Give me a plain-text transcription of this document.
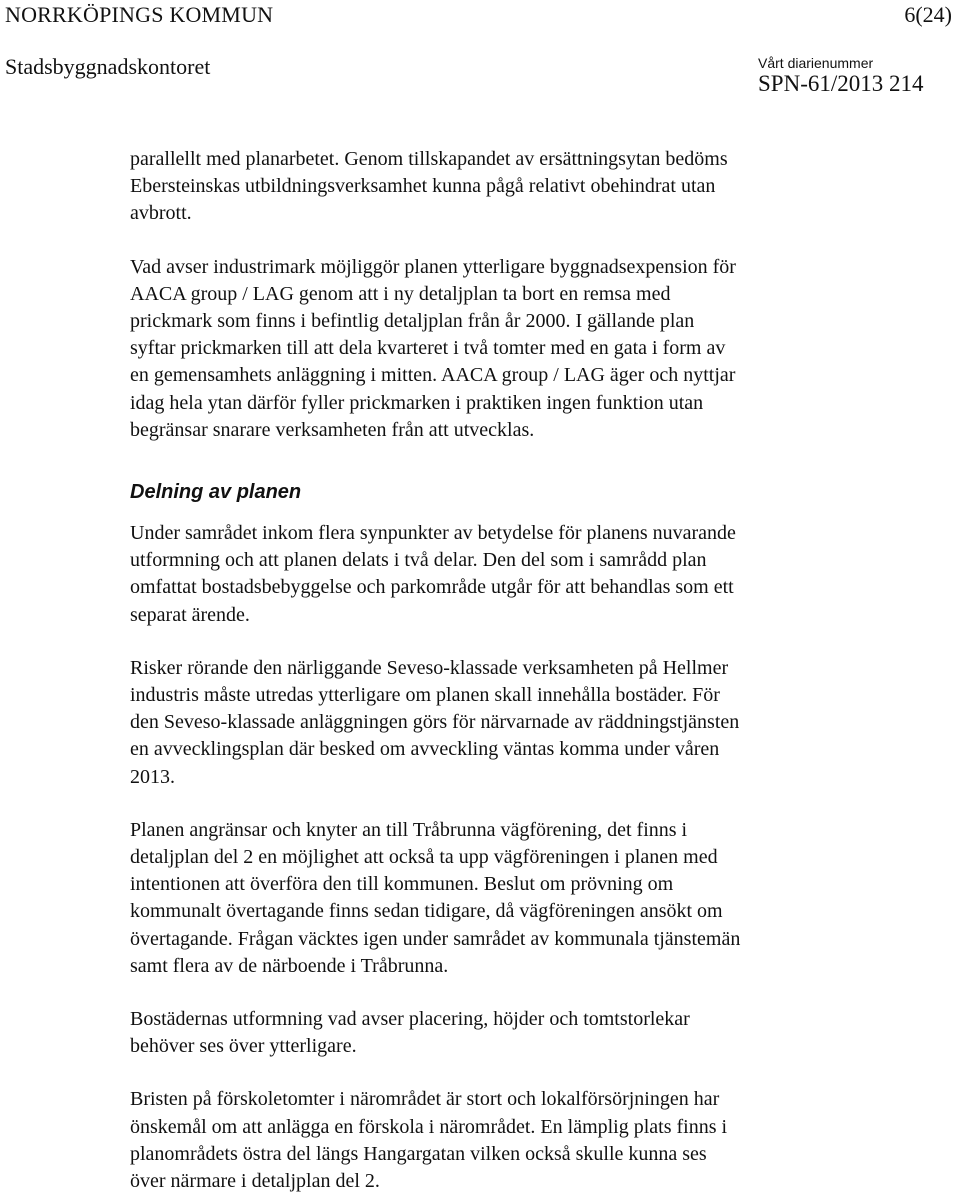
NORRKÖPINGS KOMMUN	6(24)
Stadsbyggnadskontoret	Vårt diarienummer
SPN-61/2013 214

parallellt med planarbetet. Genom tillskapandet av ersättningsytan bedöms
Ebersteinskas utbildningsverksamhet kunna pågå relativt obehindrat utan
avbrott.

Vad avser industrimark möjliggör planen ytterligare byggnadsexpension för
AACA group / LAG genom att i ny detaljplan ta bort en remsa med
prickmark som finns i befintlig detaljplan från år 2000. I gällande plan
syftar prickmarken till att dela kvarteret i två tomter med en gata i form av
en gemensamhets anläggning i mitten. AACA group / LAG äger och nyttjar
idag hela ytan därför fyller prickmarken i praktiken ingen funktion utan
begränsar snarare verksamheten från att utvecklas.

Delning av planen

Under samrådet inkom flera synpunkter av betydelse för planens nuvarande
utformning och att planen delats i två delar. Den del som i samrådd plan
omfattat bostadsbebyggelse och parkområde utgår för att behandlas som ett
separat ärende.

Risker rörande den närliggande Seveso-klassade verksamheten på Hellmer
industris måste utredas ytterligare om planen skall innehålla bostäder. För
den Seveso-klassade anläggningen görs för närvarnade av räddningstjänsten
en avvecklingsplan där besked om avveckling väntas komma under våren
2013.

Planen angränsar och knyter an till Tråbrunna vägförening, det finns i
detaljplan del 2 en möjlighet att också ta upp vägföreningen i planen med
intentionen att överföra den till kommunen. Beslut om prövning om
kommunalt övertagande finns sedan tidigare, då vägföreningen ansökt om
övertagande. Frågan väcktes igen under samrådet av kommunala tjänstemän
samt flera av de närboende i Tråbrunna.

Bostädernas utformning vad avser placering, höjder och tomtstorlekar
behöver ses över ytterligare.

Bristen på förskoletomter i närområdet är stort och lokalförsörjningen har
önskemål om att anlägga en förskola i närområdet. En lämplig plats finns i
planområdets östra del längs Hangargatan vilken också skulle kunna ses
över närmare i detaljplan del 2.
